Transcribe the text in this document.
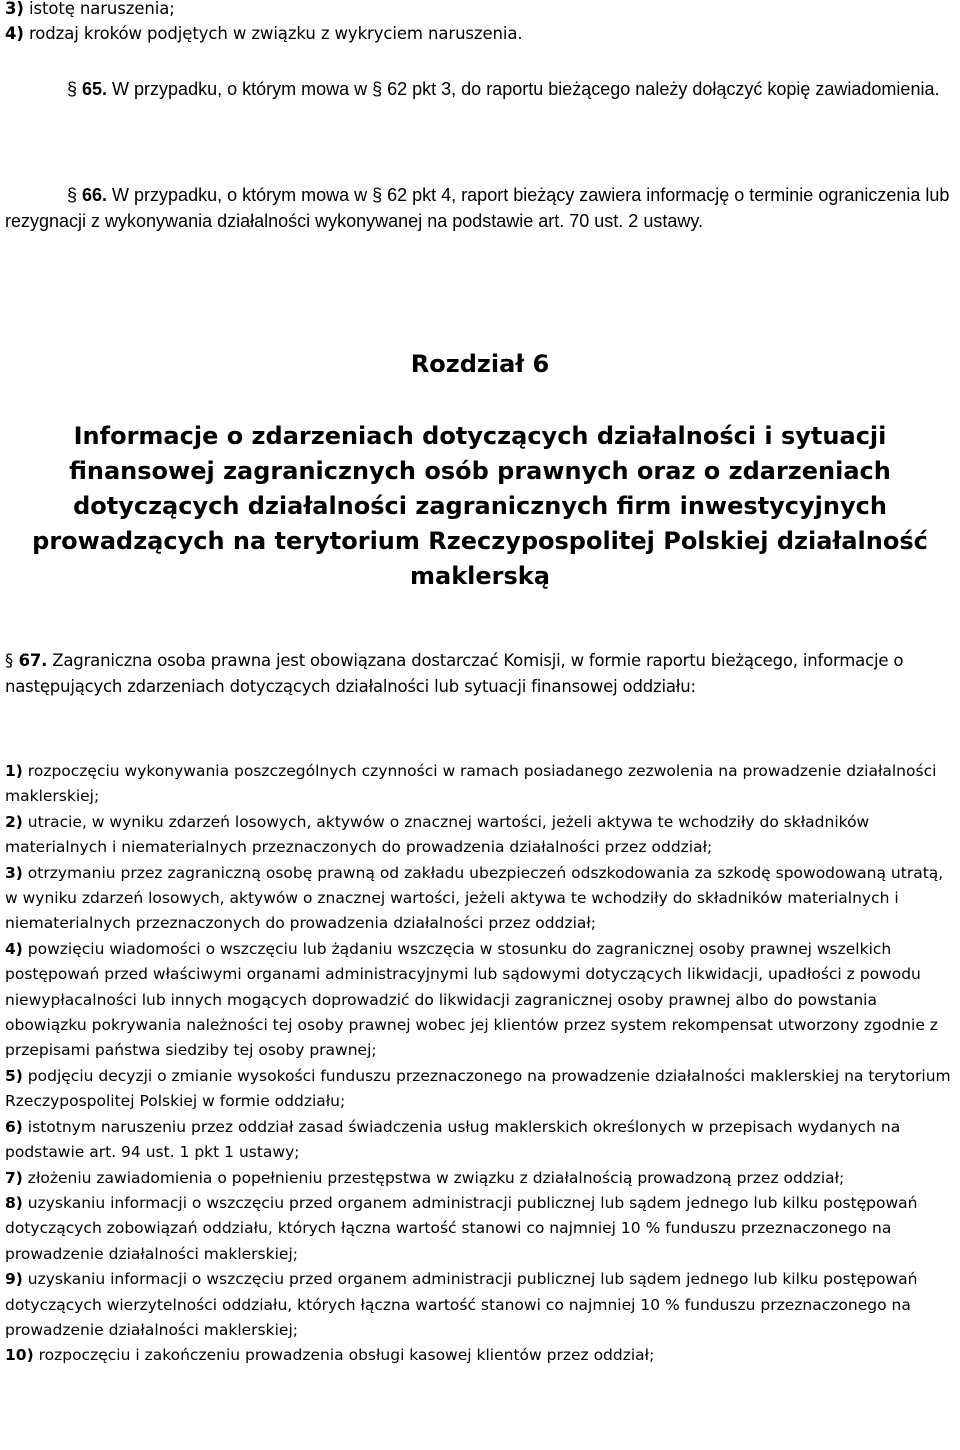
3) istotę naruszenia;

4) rodzaj kroków podjętych w związku z wykryciem naruszenia.

§ 65. W przypadku, o którym mowa w § 62 pkt 3, do raportu bieżącego należy dołączyć kopię zawiadomienia.

§ 66. W przypadku, o którym mowa w § 62 pkt 4, raport bieżący zawiera informację o terminie ograniczenia lub rezygnacji z wykonywania działalności wykonywanej na podstawie art. 70 ust. 2 ustawy.

Rozdział 6
Informacje o zdarzeniach dotyczących działalności i sytuacji
finansowej zagranicznych osób prawnych oraz o zdarzeniach
dotyczących działalności zagranicznych firm inwestycyjnych
prowadzących na terytorium Rzeczypospolitej Polskiej działalność
maklerską

§ 67. Zagraniczna osoba prawna jest obowiązana dostarczać Komisji, w formie raportu bieżącego, informacje o następujących zdarzeniach dotyczących działalności lub sytuacji finansowej oddziału:

1) rozpoczęciu wykonywania poszczególnych czynności w ramach posiadanego zezwolenia na prowadzenie działalności maklerskiej;

2) utracie, w wyniku zdarzeń losowych, aktywów o znacznej wartości, jeżeli aktywa te wchodziły do składników materialnych i niematerialnych przeznaczonych do prowadzenia działalności przez oddział;

3) otrzymaniu przez zagraniczną osobę prawną od zakładu ubezpieczeń odszkodowania za szkodę spowodowaną utratą, w wyniku zdarzeń losowych, aktywów o znacznej wartości, jeżeli aktywa te wchodziły do składników materialnych i niematerialnych przeznaczonych do prowadzenia działalności przez oddział;

4) powzięciu wiadomości o wszczęciu lub żądaniu wszczęcia w stosunku do zagranicznej osoby prawnej wszelkich postępowań przed właściwymi organami administracyjnymi lub sądowymi dotyczących likwidacji, upadłości z powodu niewypłacalności lub innych mogących doprowadzić do likwidacji zagranicznej osoby prawnej albo do powstania obowiązku pokrywania należności tej osoby prawnej wobec jej klientów przez system rekompensat utworzony zgodnie z przepisami państwa siedziby tej osoby prawnej;

5) podjęciu decyzji o zmianie wysokości funduszu przeznaczonego na prowadzenie działalności maklerskiej na terytorium Rzeczypospolitej Polskiej w formie oddziału;

6) istotnym naruszeniu przez oddział zasad świadczenia usług maklerskich określonych w przepisach wydanych na podstawie art. 94 ust. 1 pkt 1 ustawy;

7) złożeniu zawiadomienia o popełnieniu przestępstwa w związku z działalnością prowadzoną przez oddział;

8) uzyskaniu informacji o wszczęciu przed organem administracji publicznej lub sądem jednego lub kilku postępowań dotyczących zobowiązań oddziału, których łączna wartość stanowi co najmniej 10 % funduszu przeznaczonego na prowadzenie działalności maklerskiej;

9) uzyskaniu informacji o wszczęciu przed organem administracji publicznej lub sądem jednego lub kilku postępowań dotyczących wierzytelności oddziału, których łączna wartość stanowi co najmniej 10 % funduszu przeznaczonego na prowadzenie działalności maklerskiej;

10) rozpoczęciu i zakończeniu prowadzenia obsługi kasowej klientów przez oddział;
